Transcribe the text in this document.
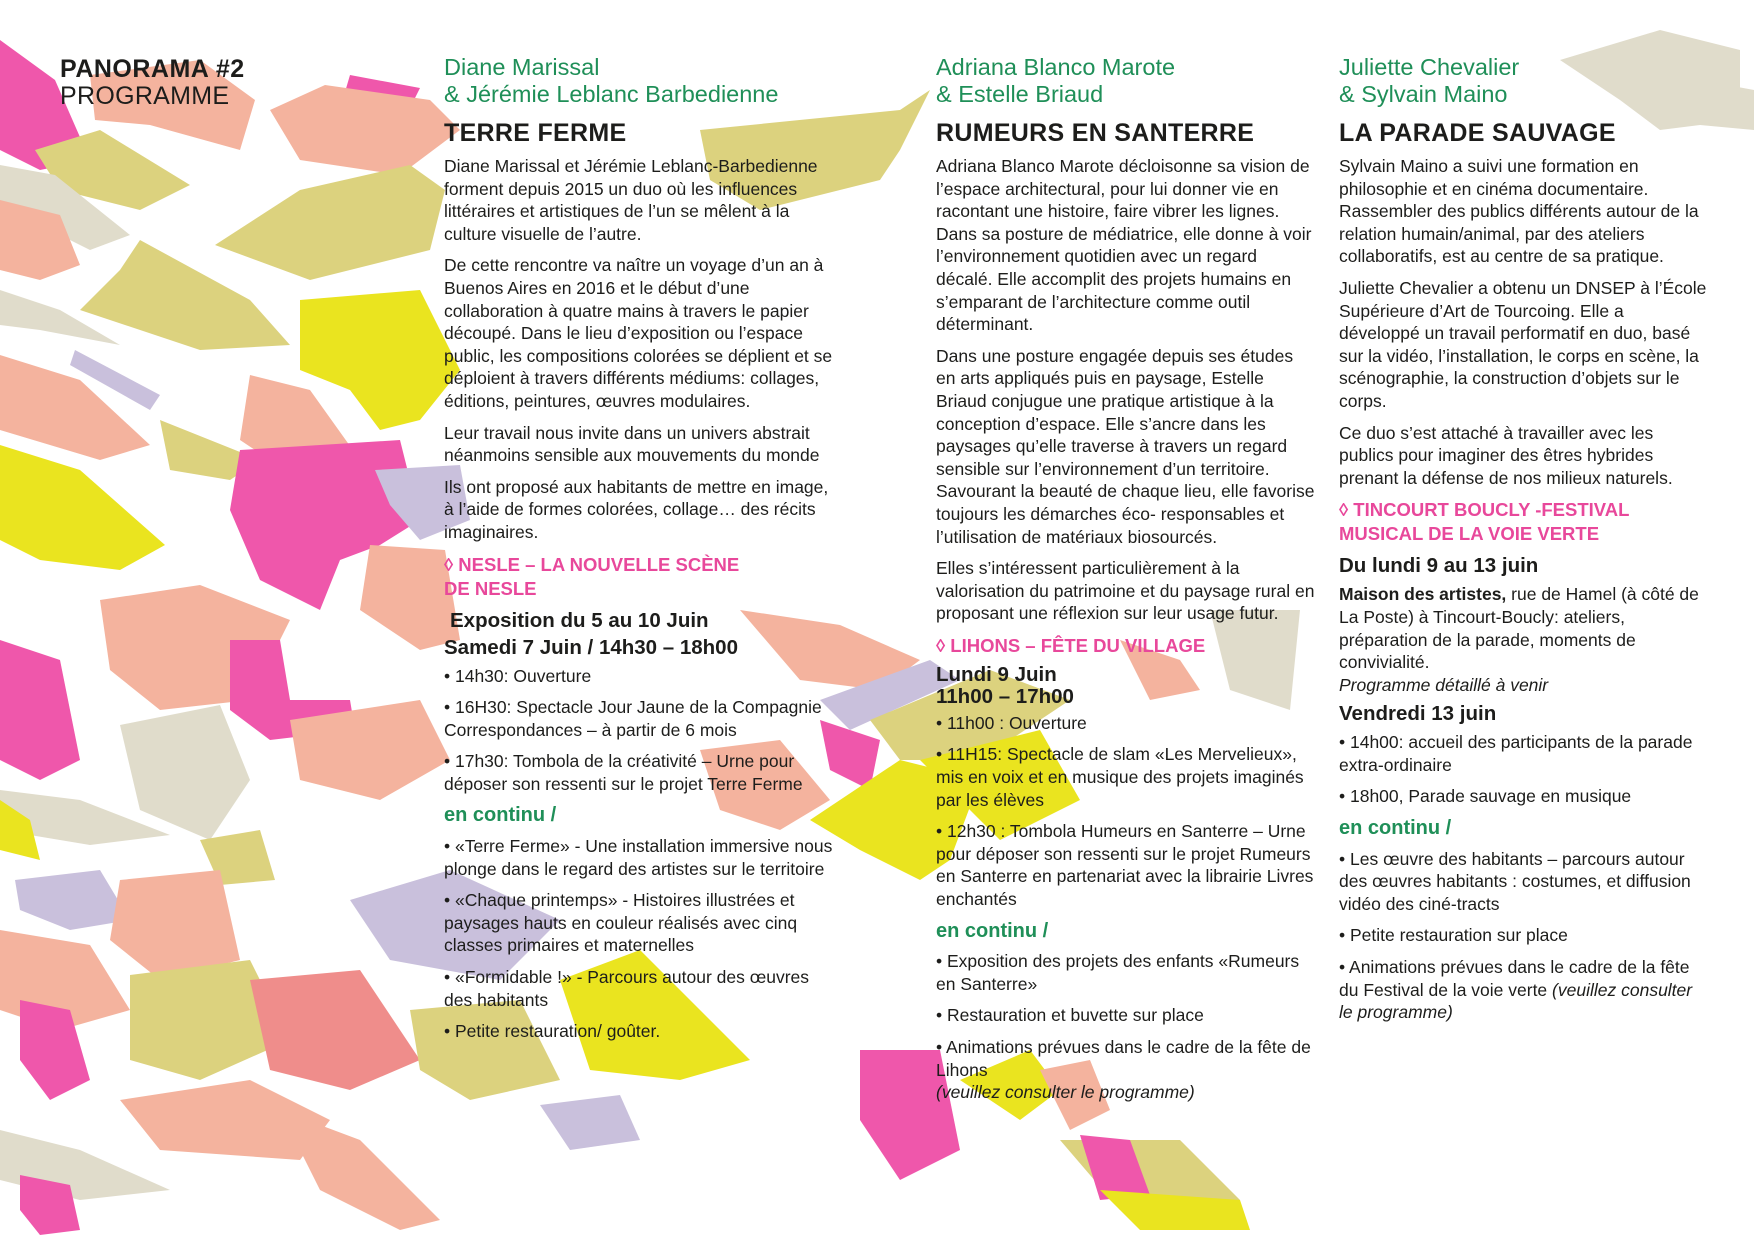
PANORAMA #2
PROGRAMME
Diane Marissal
& Jérémie Leblanc Barbedienne
TERRE FERME

Diane Marissal et Jérémie Leblanc-Barbedienne forment depuis 2015 un duo où les influences littéraires et artistiques de l’un se mêlent à la culture visuelle de l’autre.

De cette rencontre va naître un voyage d’un an à Buenos Aires en 2016 et le début d’une collaboration à quatre mains à travers le papier découpé. Dans le lieu d’exposition ou l’espace public, les compositions colorées se déplient et se déploient à travers différents médiums: collages, éditions, peintures, œuvres modulaires.

Leur travail nous invite dans un univers abstrait néanmoins sensible aux mouvements du monde

Ils ont proposé aux habitants de mettre en image, à l’aide de formes colorées, collage… des récits imaginaires.

◊ NESLE – LA NOUVELLE SCÈNE
DE NESLE
Exposition du 5 au 10 Juin
Samedi 7 Juin / 14h30 – 18h00
• 14h30: Ouverture
• 16H30: Spectacle Jour Jaune de la Compagnie Correspondances – à partir de 6 mois
• 17h30: Tombola de la créativité – Urne pour déposer son ressenti sur le projet Terre Ferme
en continu /
• «Terre Ferme» - Une installation immersive nous plonge dans le regard des artistes sur le territoire
• «Chaque printemps» - Histoires illustrées et paysages hauts en couleur réalisés avec cinq classes primaires et maternelles
• «Formidable !» - Parcours autour des œuvres des habitants
• Petite restauration/ goûter.
Adriana Blanco Marote
& Estelle Briaud
RUMEURS EN SANTERRE

Adriana Blanco Marote décloisonne sa vision de l’espace architectural, pour lui donner vie en racontant une histoire, faire vibrer les lignes. Dans sa posture de médiatrice, elle donne à voir l’environnement quotidien avec un regard décalé. Elle accomplit des projets humains en s’emparant de l’architecture comme outil déterminant.

Dans une posture engagée depuis ses études en arts appliqués puis en paysage, Estelle Briaud conjugue une pratique artistique à la conception d’espace. Elle s’ancre dans les paysages qu’elle traverse à travers un regard sensible sur l’environnement d’un territoire. Savourant la beauté de chaque lieu, elle favorise toujours les démarches éco- responsables et l’utilisation de matériaux biosourcés.

Elles s’intéressent particulièrement à la valorisation du patrimoine et du paysage rural en proposant une réflexion sur leur usage futur.

◊ LIHONS – FÊTE DU VILLAGE
Lundi 9 Juin
11h00 – 17h00
• 11h00 : Ouverture
• 11H15: Spectacle de slam «Les Mervelieux», mis en voix et en musique des projets imaginés par les élèves
• 12h30 : Tombola Humeurs en Santerre – Urne pour déposer son ressenti sur le projet Rumeurs en Santerre en partenariat avec la librairie Livres enchantés
en continu /
• Exposition des projets des enfants «Rumeurs en Santerre»
• Restauration et buvette sur place
• Animations prévues dans le cadre de la fête de Lihons
(veuillez consulter le programme)
Juliette Chevalier
& Sylvain Maino
LA PARADE SAUVAGE

Sylvain Maino a suivi une formation en philosophie et en cinéma documentaire. Rassembler des publics différents autour de la relation humain/animal, par des ateliers collaboratifs, est au centre de sa pratique.

Juliette Chevalier a obtenu un DNSEP à l’École Supérieure d’Art de Tourcoing. Elle a développé un travail performatif en duo, basé sur la vidéo, l’installation, le corps en scène, la scénographie, la construction d’objets sur le corps.

Ce duo s’est attaché à travailler avec les publics pour imaginer des êtres hybrides prenant la défense de nos milieux naturels.

◊ TINCOURT BOUCLY -FESTIVAL
MUSICAL DE LA VOIE VERTE
Du lundi 9 au 13 juin

Maison des artistes, rue de Hamel (à côté de La Poste) à Tincourt-Boucly: ateliers, préparation de la parade, moments de convivialité.

Programme détaillé à venir
Vendredi 13 juin
• 14h00: accueil des participants de la parade extra-ordinaire
• 18h00, Parade sauvage en musique
en continu /
• Les œuvre des habitants – parcours autour des œuvres habitants : costumes, et diffusion vidéo des ciné-tracts
• Petite restauration sur place
• Animations prévues dans le cadre de la fête du Festival de la voie verte (veuillez consulter le programme)
